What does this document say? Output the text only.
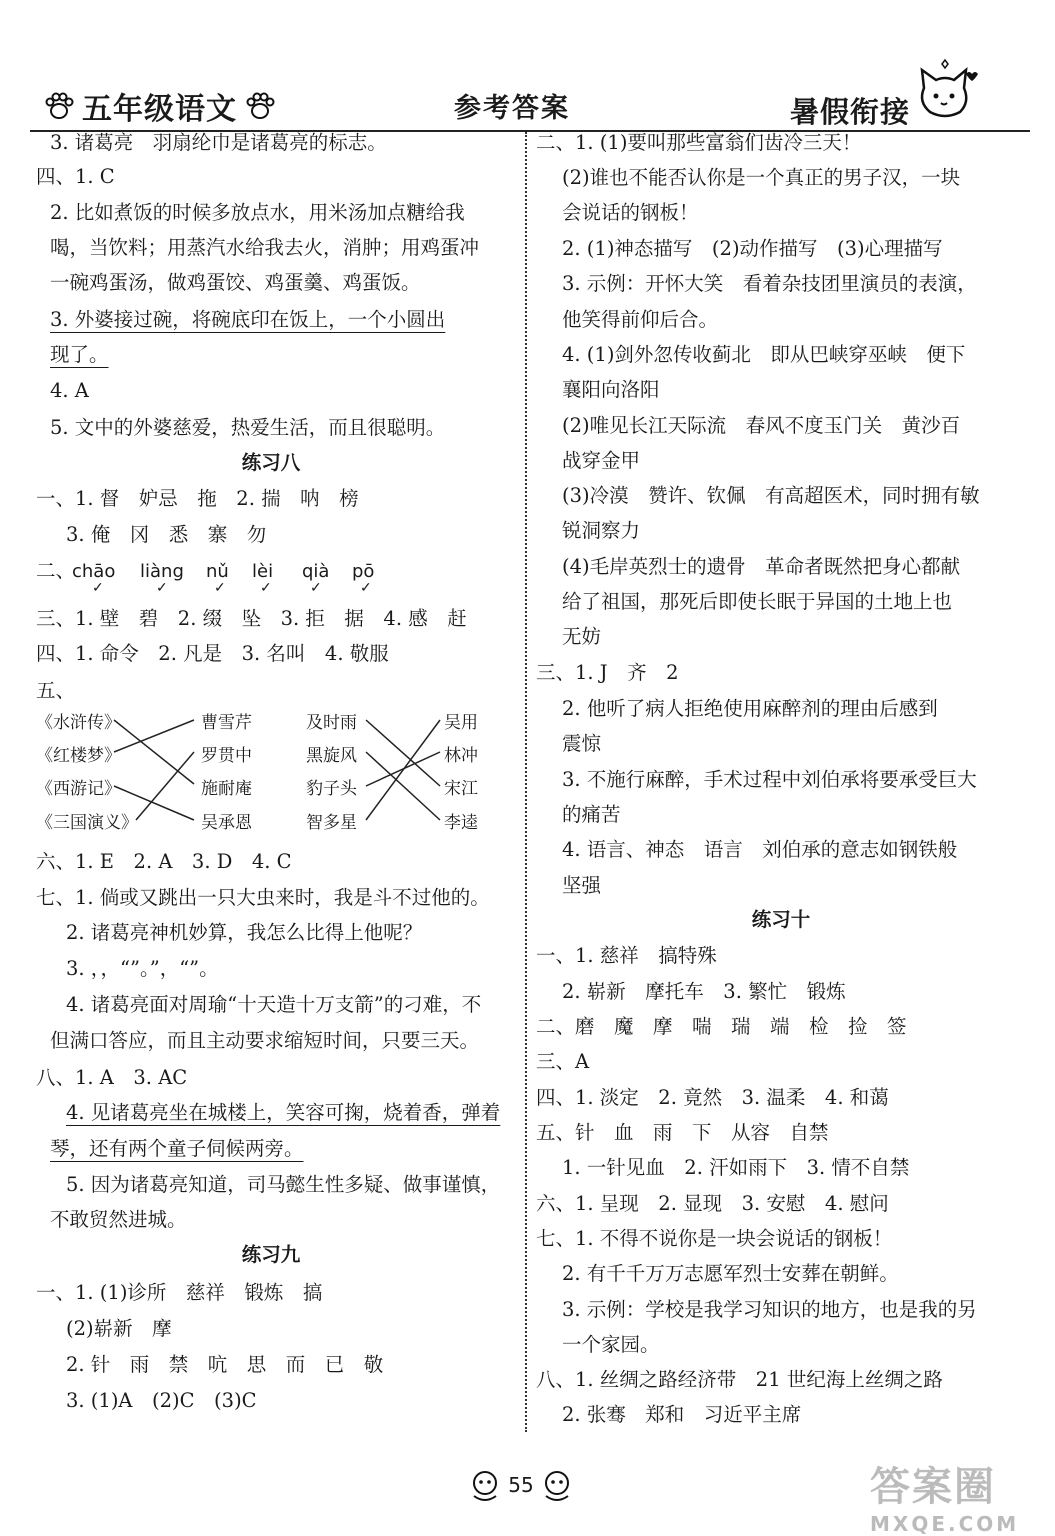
五年级语文	参考答案	暑假衔接
3. 诸葛亮　羽扇纶巾是诸葛亮的标志。
四、1. C
2. 比如煮饭的时候多放点水，用米汤加点糖给我
喝，当饮料；用蒸汽水给我去火，消肿；用鸡蛋冲
一碗鸡蛋汤，做鸡蛋饺、鸡蛋羹、鸡蛋饭。
3. 外婆接过碗，将碗底印在饭上，一个小圆出
现了。
4. A
5. 文中的外婆慈爱，热爱生活，而且很聪明。
练习八
一、1. 督　妒忌　拖　2. 揣　呐　榜
3. 俺　冈　悉　寨　勿
二、
chāo liàng nǔ lèi qià pō
✓	✓	✓ ✓	✓	✓
三、1. 壁　碧　2. 缀　坠　3. 拒　据　4. 感　赶
四、1. 命令　2. 凡是　3. 名叫　4. 敬服
五、
《水浒传》
《红楼梦》
《西游记》
《三国演义》
曹雪芹
罗贯中
施耐庵
吴承恩
及时雨
黑旋风
豹子头
智多星
吴用
林冲
宋江
李逵
六、1. E　2. A　3. D　4. C
七、1. 倘或又跳出一只大虫来时，我是斗不过他的。
2. 诸葛亮神机妙算，我怎么比得上他呢？
3. ，，“”。”，“”。
4. 诸葛亮面对周瑜“十天造十万支箭”的刁难，不
但满口答应，而且主动要求缩短时间，只要三天。
八、1. A　3. AC
4. 见诸葛亮坐在城楼上，笑容可掬，烧着香，弹着
琴，还有两个童子伺候两旁。
5. 因为诸葛亮知道，司马懿生性多疑、做事谨慎，
不敢贸然进城。
练习九
一、1. (1)诊所　慈祥　锻炼　搞
(2)崭新　摩
2. 针　雨　禁　吭　思　而　已　敬
3. (1)A　(2)C　(3)C
二、1. (1)要叫那些富翁们齿冷三天！
(2)谁也不能否认你是一个真正的男子汉，一块
会说话的钢板！
2. (1)神态描写　(2)动作描写　(3)心理描写
3. 示例：开怀大笑　看着杂技团里演员的表演，
他笑得前仰后合。
4. (1)剑外忽传收蓟北　即从巴峡穿巫峡　便下
襄阳向洛阳
(2)唯见长江天际流　春风不度玉门关　黄沙百
战穿金甲
(3)冷漠　赞许、钦佩　有高超医术，同时拥有敏
锐洞察力
(4)毛岸英烈士的遗骨　革命者既然把身心都献
给了祖国，那死后即使长眠于异国的土地上也
无妨
三、1. J　齐　2
2. 他听了病人拒绝使用麻醉剂的理由后感到
震惊
3. 不施行麻醉，手术过程中刘伯承将要承受巨大
的痛苦
4. 语言、神态　语言　刘伯承的意志如钢铁般
坚强
练习十
一、1. 慈祥　搞特殊
2. 崭新　摩托车　3. 繁忙　锻炼
二、磨　魔　摩　喘　瑞　端　检　捡　签
三、A
四、1. 淡定　2. 竟然　3. 温柔　4. 和蔼
五、针　血　雨　下　从容　自禁
1. 一针见血　2. 汗如雨下　3. 情不自禁
六、1. 呈现　2. 显现　3. 安慰　4. 慰问
七、1. 不得不说你是一块会说话的钢板！
2. 有千千万万志愿军烈士安葬在朝鲜。
3. 示例：学校是我学习知识的地方，也是我的另
一个家园。
八、1. 丝绸之路经济带　21 世纪海上丝绸之路
2. 张骞　郑和　习近平主席
55	答案圈
MXQE.COM
